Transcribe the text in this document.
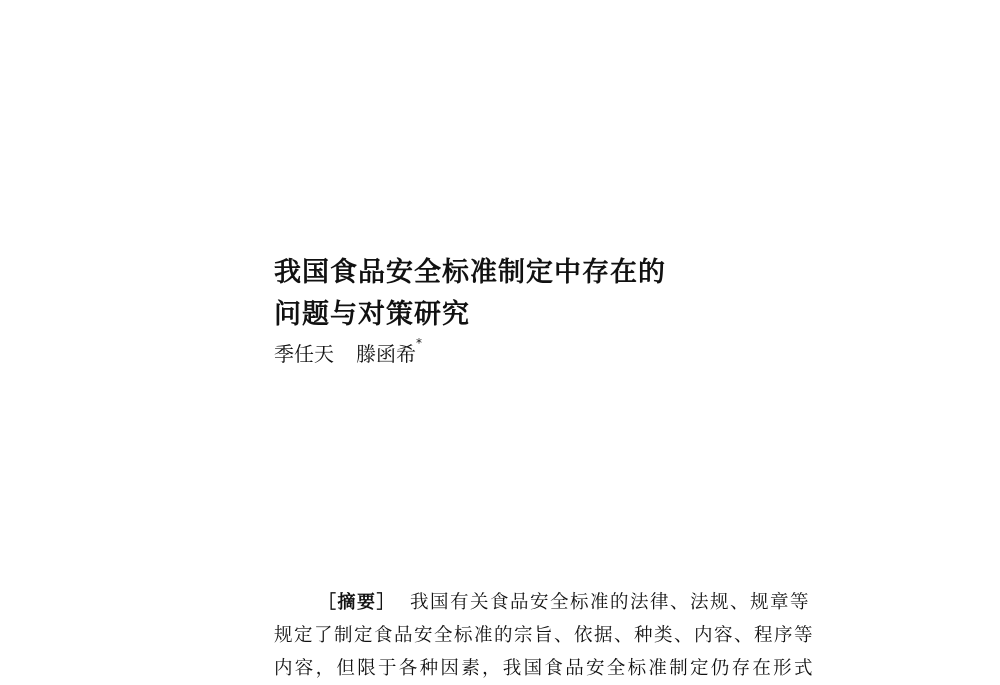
我国食品安全标准制定中存在的
问题与对策研究
季任天 滕函希*
［摘要］ 我国有关食品安全标准的法律、法规、规章等
规定了制定食品安全标准的宗旨、依据、种类、内容、程序等
内容，但限于各种因素，我国食品安全标准制定仍存在形式
